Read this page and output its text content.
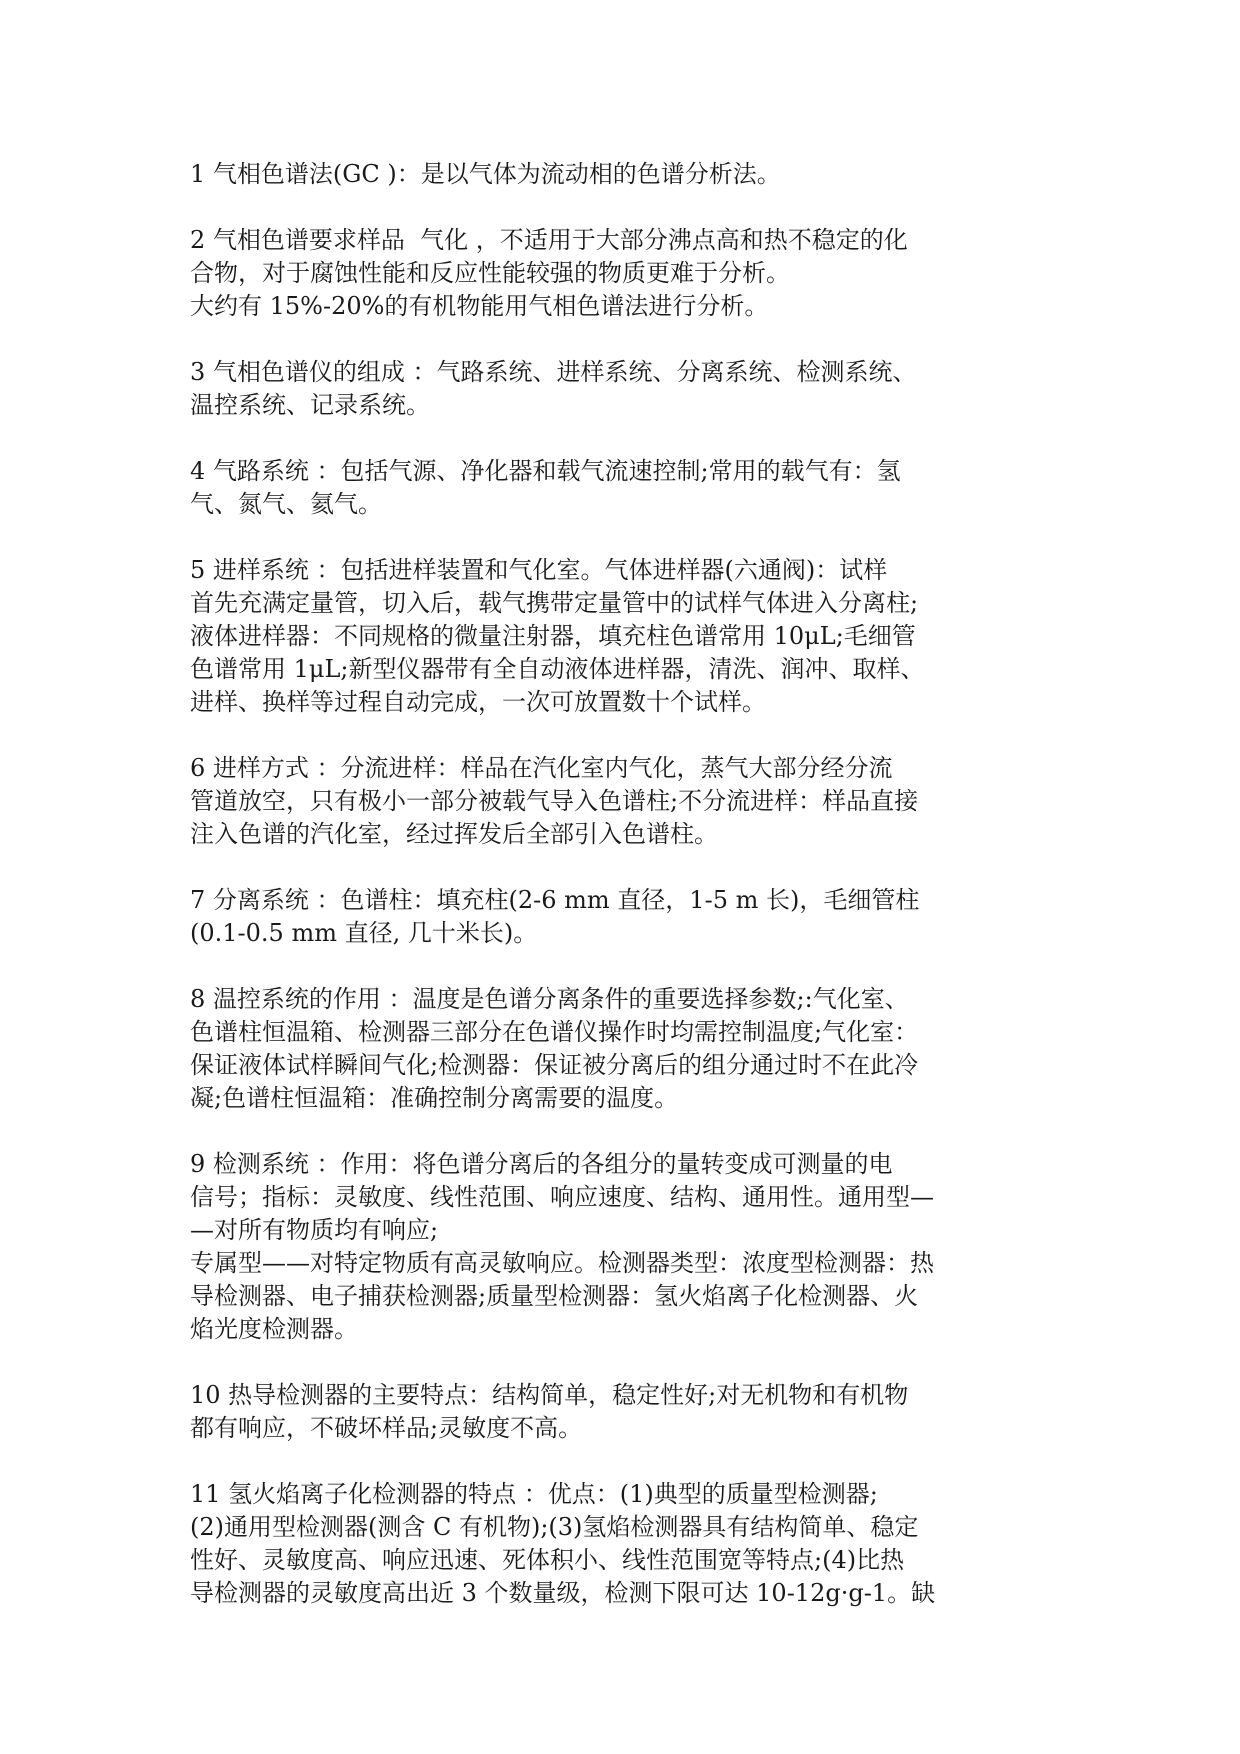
1 气相色谱法(GC )：是以气体为流动相的色谱分析法。
2 气相色谱要求样品  气化 ，不适用于大部分沸点高和热不稳定的化
合物，对于腐蚀性能和反应性能较强的物质更难于分析。
大约有 15%-20%的有机物能用气相色谱法进行分析。
3 气相色谱仪的组成 ：气路系统、进样系统、分离系统、检测系统、
温控系统、记录系统。
4 气路系统 ：包括气源、净化器和载气流速控制;常用的载气有：氢
气、氮气、氦气。
5 进样系统 ：包括进样装置和气化室。气体进样器(六通阀)：试样
首先充满定量管，切入后，载气携带定量管中的试样气体进入分离柱;
液体进样器：不同规格的微量注射器，填充柱色谱常用 10μL;毛细管
色谱常用 1μL;新型仪器带有全自动液体进样器，清洗、润冲、取样、
进样、换样等过程自动完成，一次可放置数十个试样。
6 进样方式 ：分流进样：样品在汽化室内气化，蒸气大部分经分流
管道放空，只有极小一部分被载气导入色谱柱;不分流进样：样品直接
注入色谱的汽化室，经过挥发后全部引入色谱柱。
7 分离系统 ：色谱柱：填充柱(2-6 mm 直径，1-5 m 长)，毛细管柱
(0.1-0.5 mm 直径, 几十米长)。
8 温控系统的作用 ：温度是色谱分离条件的重要选择参数;:气化室、
色谱柱恒温箱、检测器三部分在色谱仪操作时均需控制温度;气化室：
保证液体试样瞬间气化;检测器：保证被分离后的组分通过时不在此冷
凝;色谱柱恒温箱：准确控制分离需要的温度。
9 检测系统 ：作用：将色谱分离后的各组分的量转变成可测量的电
信号；指标：灵敏度、线性范围、响应速度、结构、通用性。通用型—
—对所有物质均有响应;
专属型——对特定物质有高灵敏响应。检测器类型：浓度型检测器：热
导检测器、电子捕获检测器;质量型检测器：氢火焰离子化检测器、火
焰光度检测器。
10 热导检测器的主要特点：结构简单，稳定性好;对无机物和有机物
都有响应，不破坏样品;灵敏度不高。
11 氢火焰离子化检测器的特点 ：优点：(1)典型的质量型检测器;
(2)通用型检测器(测含 C 有机物);(3)氢焰检测器具有结构简单、稳定
性好、灵敏度高、响应迅速、死体积小、线性范围宽等特点;(4)比热
导检测器的灵敏度高出近 3 个数量级，检测下限可达 10-12g·g-1。缺
